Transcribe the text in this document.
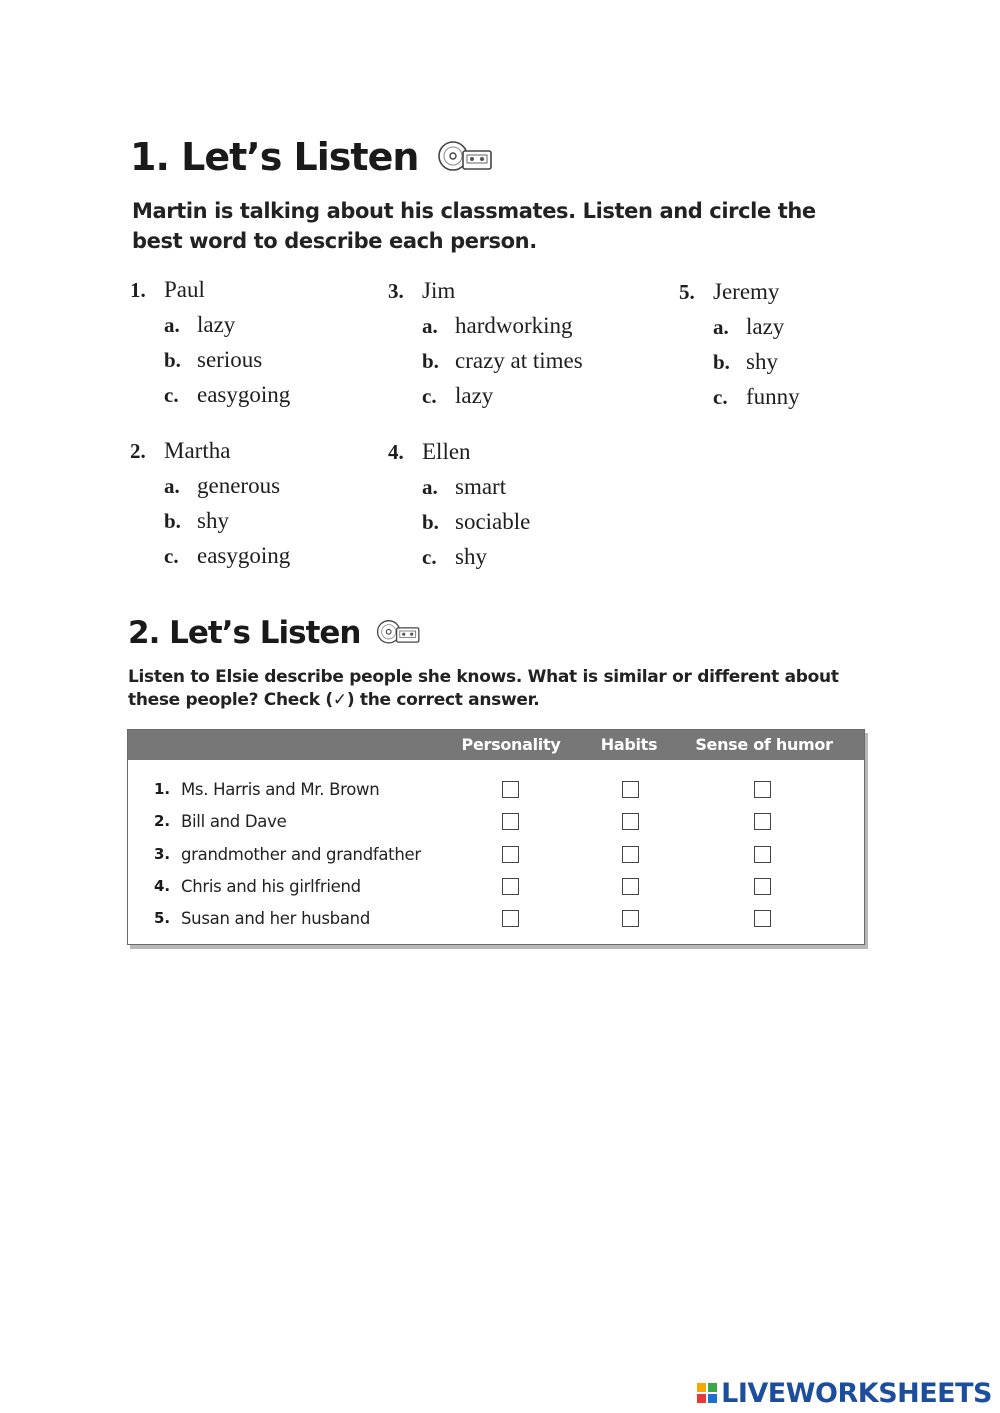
1. Let’s Listen
Martin is talking about his classmates. Listen and circle the
best word to describe each person.
1. Paul
a. lazy
b. serious
c. easygoing
2. Martha
a. generous
b. shy
c. easygoing
3. Jim
a. hardworking
b. crazy at times
c. lazy
4. Ellen
a. smart
b. sociable
c. shy
5. Jeremy
a. lazy
b. shy
c. funny
2. Let’s Listen
Listen to Elsie describe people she knows. What is similar or different about
these people? Check (✓) the correct answer.
Personality	Habits	Sense of humor
1. Ms. Harris and Mr. Brown
2. Bill and Dave
3. grandmother and grandfather
4. Chris and his girlfriend
5. Susan and her husband
LIVEWORKSHEETS
